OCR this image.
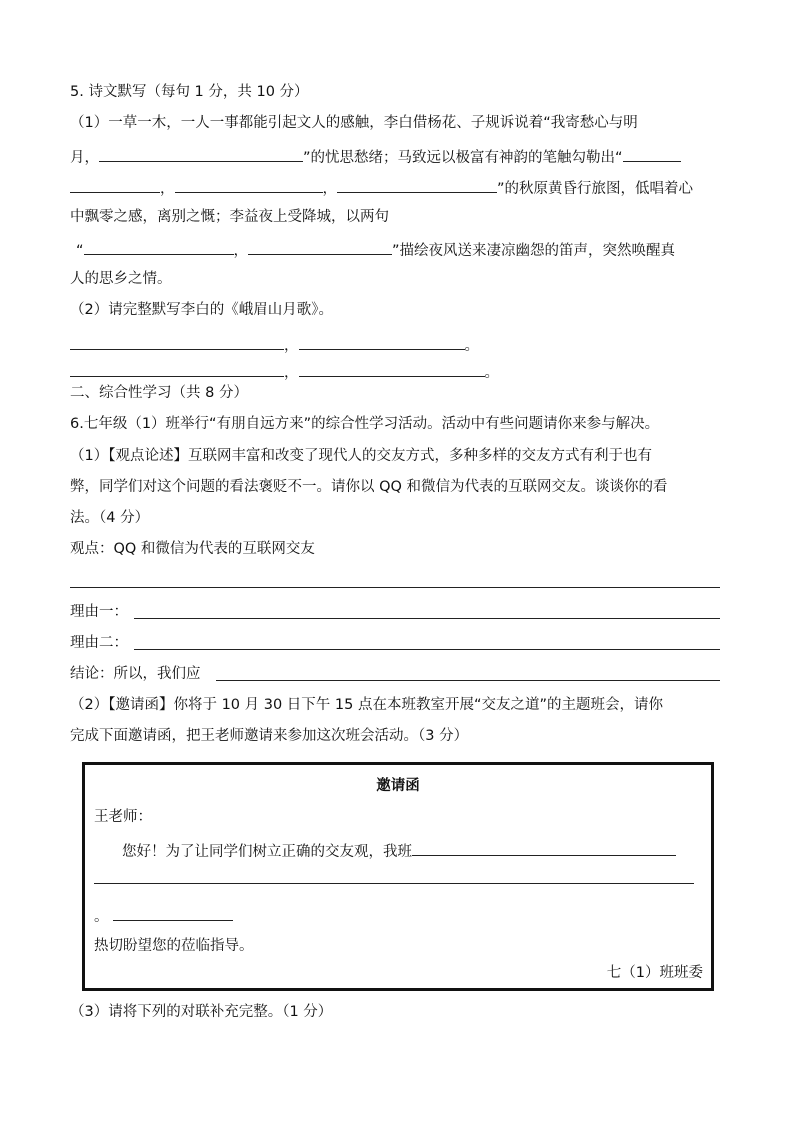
5. 诗文默写（每句 1 分，共 10 分）
（1）一草一木，一人一事都能引起文人的感触，李白借杨花、子规诉说着“我寄愁心与明
月，	”的忧思愁绪；马致远以极富有神韵的笔触勾勒出“
，	，	”的秋原黄昏行旅图，低唱着心
中飘零之感，离别之慨；李益夜上受降城，以两句
“	，	”描绘夜风送来凄凉幽怨的笛声，突然唤醒真
人的思乡之情。
（2）请完整默写李白的《峨眉山月歌》。
，	。
，	。
二、综合性学习（共 8 分）
6.七年级（1）班举行“有朋自远方来”的综合性学习活动。活动中有些问题请你来参与解决。
（1）【观点论述】互联网丰富和改变了现代人的交友方式，多种多样的交友方式有利于也有
弊，同学们对这个问题的看法褒贬不一。请你以 QQ 和微信为代表的互联网交友。谈谈你的看
法。（4 分）
观点：QQ 和微信为代表的互联网交友
理由一：
理由二：
结论：所以，我们应
（2）【邀请函】你将于 10 月 30 日下午 15 点在本班教室开展“交友之道”的主题班会，请你
完成下面邀请函，把王老师邀请来参加这次班会活动。（3 分）
邀请函
王老师：
您好！为了让同学们树立正确的交友观，我班
。
热切盼望您的莅临指导。
七（1）班班委
（3）请将下列的对联补充完整。（1 分）
